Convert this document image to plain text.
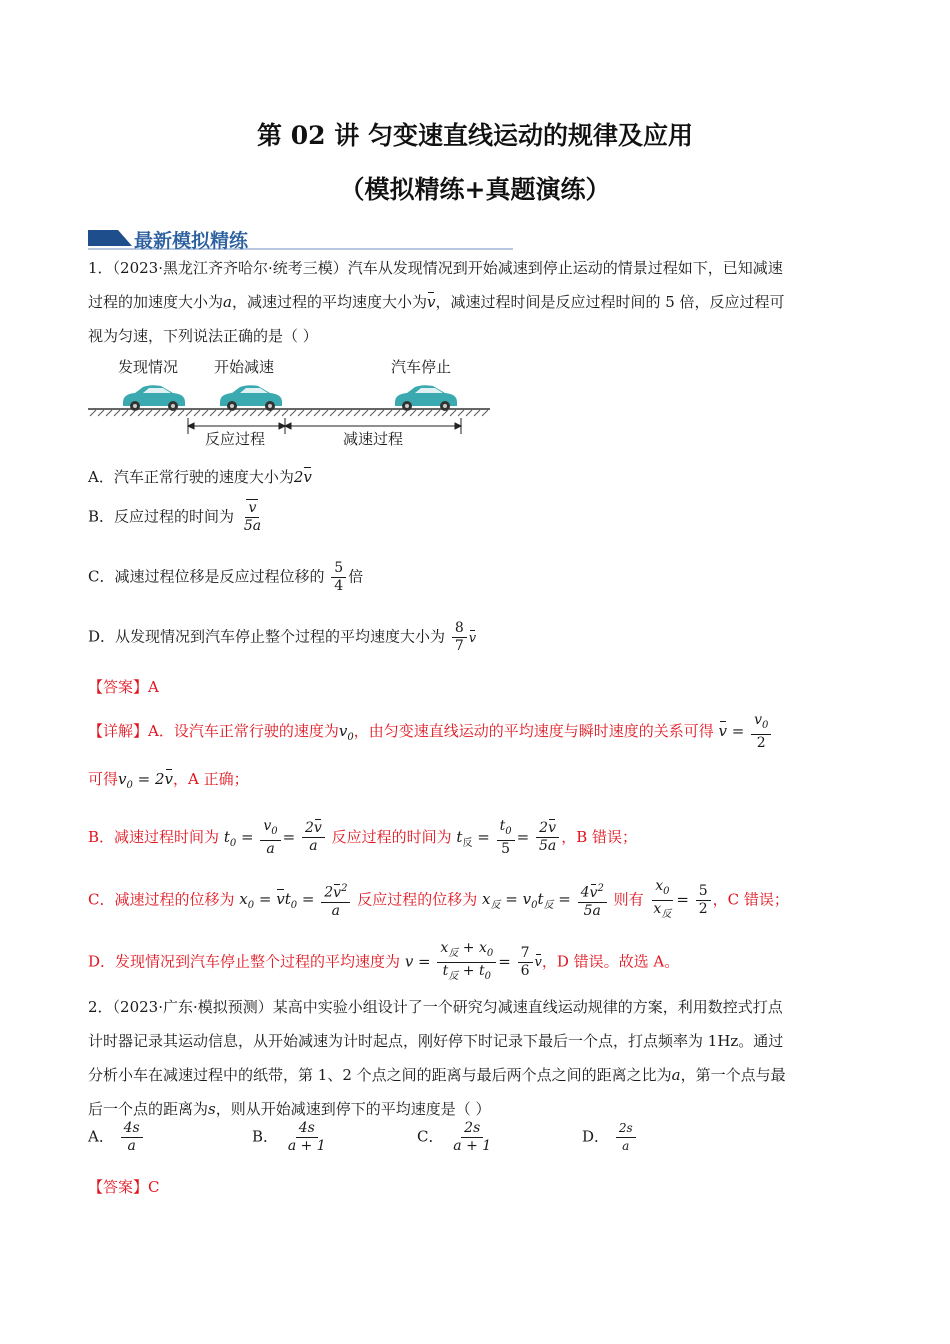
第 02 讲 匀变速直线运动的规律及应用
（模拟精练+真题演练）
最新模拟精练
1．（2023·黑龙江齐齐哈尔·统考三模）汽车从发现情况到开始减速到停止运动的情景过程如下，已知减速
过程的加速度大小为a，减速过程的平均速度大小为v，减速过程时间是反应过程时间的 5 倍，反应过程可
视为匀速，下列说法正确的是（ ）
发现情况 开始减速	汽车停止
反应过程	减速过程
A．汽车正常行驶的速度大小为2v
B．反应过程的时间为 $\frac{v}{5a}$
C．减速过程位移是反应过程位移的 $\frac{5}{4}$ 倍
D．从发现情况到汽车停止整个过程的平均速度大小为 $\frac{8}{7}$ v
【答案】A
【详解】A．设汽车正常行驶的速度为$v_0$，由匀变速直线运动的平均速度与瞬时速度的关系可得 $v = \frac{v_0}{2}$
可得$v_0 = 2v$，A 正确；
B．减速过程时间为 $t_0 = \frac{v_0}{a} = \frac{2v}{a}$ 反应过程的时间为 $t_反 = \frac{t_0}{5} = \frac{2v}{5a}$ ，B 错误；
C．减速过程的位移为 $x_0 = vt_0 = \frac{2v^2}{a}$ 反应过程的位移为 $x_反 = v_0t_反 = \frac{4v^2}{5a}$ 则有 $\frac{x_0}{x_反} = \frac{5}{2}$ ，C 错误；
D．发现情况到汽车停止整个过程的平均速度为 $v = \frac{x_反 + x_0}{t_反 + t_0} = \frac{7}{6}$ v，D 错误。故选 A。
2．（2023·广东·模拟预测）某高中实验小组设计了一个研究匀减速直线运动规律的方案，利用数控式打点
计时器记录其运动信息，从开始减速为计时起点，刚好停下时记录下最后一个点，打点频率为 1Hz。通过
分析小车在减速过程中的纸带，第 1、2 个点之间的距离与最后两个点之间的距离之比为a，第一个点与最
后一个点的距离为s，则从开始减速到停下的平均速度是（ ）
A． $\frac{4s}{a}$	B． $\frac{4s}{a + 1}$	C． $\frac{2s}{a + 1}$	D． $\frac{2s}{a}$
【答案】C
